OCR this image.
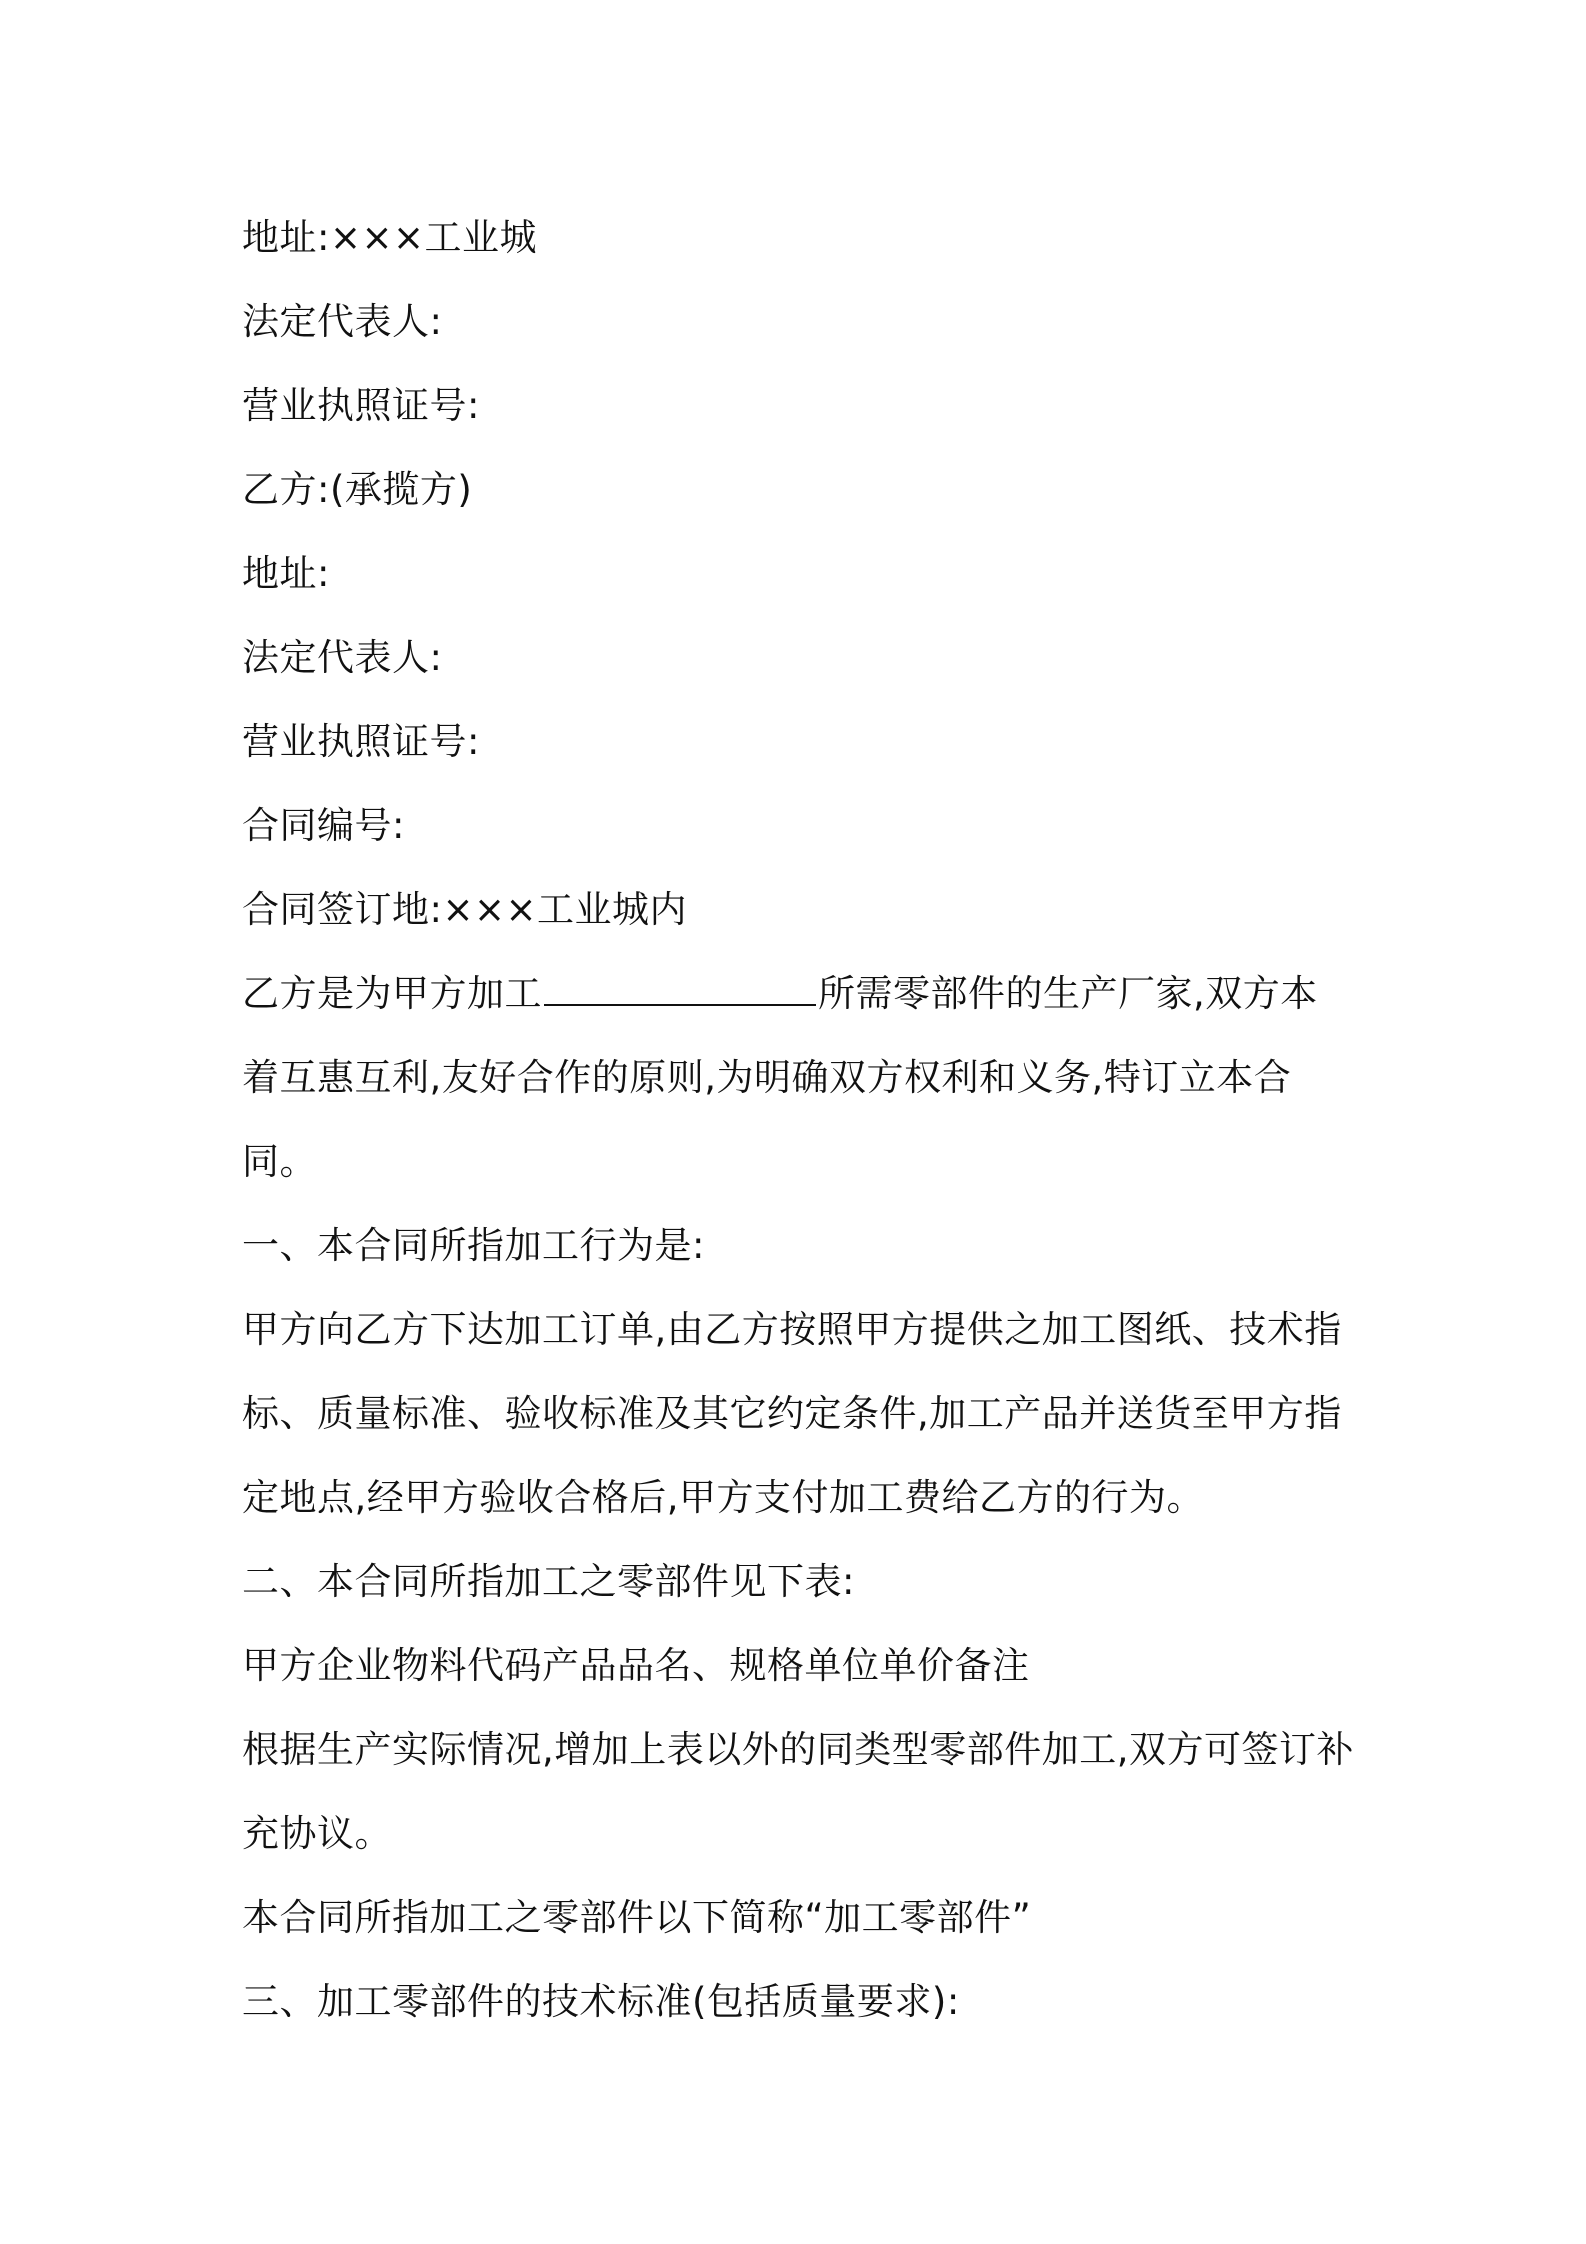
地址:×××工业城
法定代表人:
营业执照证号:
乙方:(承揽方)
地址:
法定代表人:
营业执照证号:
合同编号:
合同签订地:×××工业城内
乙方是为甲方加工	所需零部件的生产厂家,双方本
着互惠互利,友好合作的原则,为明确双方权利和义务,特订立本合
同。
一、本合同所指加工行为是:
甲方向乙方下达加工订单,由乙方按照甲方提供之加工图纸、技术指
标、质量标准、验收标准及其它约定条件,加工产品并送货至甲方指
定地点,经甲方验收合格后,甲方支付加工费给乙方的行为。
二、本合同所指加工之零部件见下表:
甲方企业物料代码产品品名、规格单位单价备注
根据生产实际情况,增加上表以外的同类型零部件加工,双方可签订补
充协议。
本合同所指加工之零部件以下简称“加工零部件”
三、加工零部件的技术标准(包括质量要求):
